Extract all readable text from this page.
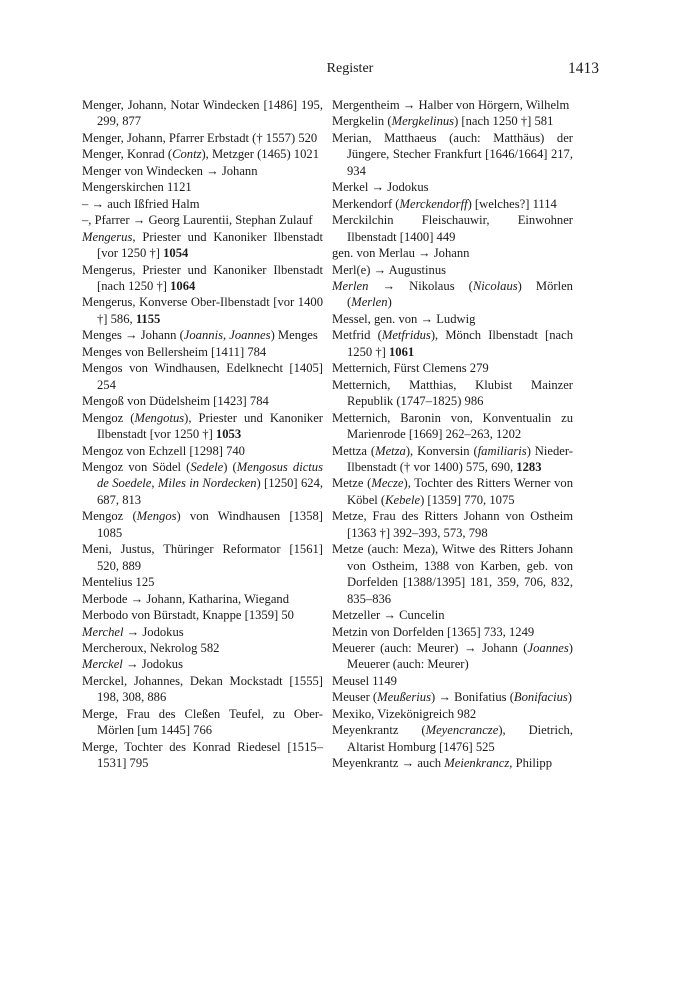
Register	1413

Menger, Johann, Notar Windecken [1486] 195, 299, 877

Menger, Johann, Pfarrer Erbstadt († 1557) 520

Menger, Konrad (Contz), Metzger (1465) 1021

Menger von Windecken → Johann

Mengerskirchen 1121

– → auch Ißfried Halm

–, Pfarrer → Georg Laurentii, Stephan Zulauf

Mengerus, Priester und Kanoniker Ilbenstadt [vor 1250 †] 1054

Mengerus, Priester und Kanoniker Ilbenstadt [nach 1250 †] 1064

Mengerus, Konverse Ober-Ilbenstadt [vor 1400 †] 586, 1155

Menges → Johann (Joannis, Joannes) Menges

Menges von Bellersheim [1411] 784

Mengos von Windhausen, Edelknecht [1405] 254

Mengoß von Düdelsheim [1423] 784

Mengoz (Mengotus), Priester und Kanoniker Ilbenstadt [vor 1250 †] 1053

Mengoz von Echzell [1298] 740

Mengoz von Södel (Sedele) (Mengosus dictus de Soedele, Miles in Nordecken) [1250] 624, 687, 813

Mengoz (Mengos) von Windhausen [1358] 1085

Meni, Justus, Thüringer Reformator [1561] 520, 889

Mentelius 125

Merbode → Johann, Katharina, Wiegand

Merbodo von Bürstadt, Knappe [1359] 50

Merchel → Jodokus

Mercheroux, Nekrolog 582

Merckel → Jodokus

Merckel, Johannes, Dekan Mockstadt [1555] 198, 308, 886

Merge, Frau des Cleßen Teufel, zu Ober-Mörlen [um 1445] 766

Merge, Tochter des Konrad Riedesel [1515–1531] 795

Mergentheim → Halber von Hörgern, Wilhelm

Mergkelin (Mergkelinus) [nach 1250 †] 581

Merian, Matthaeus (auch: Matthäus) der Jüngere, Stecher Frankfurt [1646/1664] 217, 934

Merkel → Jodokus

Merkendorf (Merckendorff) [welches?] 1114

Merckilchin Fleischauwir, Einwohner Ilbenstadt [1400] 449

gen. von Merlau → Johann

Merl(e) → Augustinus

Merlen → Nikolaus (Nicolaus) Mörlen (Merlen)

Messel, gen. von → Ludwig

Metfrid (Metfridus), Mönch Ilbenstadt [nach 1250 †] 1061

Metternich, Fürst Clemens 279

Metternich, Matthias, Klubist Mainzer Republik (1747–1825) 986

Metternich, Baronin von, Konventualin zu Marienrode [1669] 262–263, 1202

Mettza (Metza), Konversin (familiaris) Nieder-Ilbenstadt († vor 1400) 575, 690, 1283

Metze (Mecze), Tochter des Ritters Werner von Köbel (Kebele) [1359] 770, 1075

Metze, Frau des Ritters Johann von Ostheim [1363 †] 392–393, 573, 798

Metze (auch: Meza), Witwe des Ritters Johann von Ostheim, 1388 von Karben, geb. von Dorfelden [1388/1395] 181, 359, 706, 832, 835–836

Metzeller → Cuncelin

Metzin von Dorfelden [1365] 733, 1249

Meuerer (auch: Meurer) → Johann (Joannes) Meuerer (auch: Meurer)

Meusel 1149

Meuser (Meußerius) → Bonifatius (Bonifacius)

Mexiko, Vizekönigreich 982

Meyenkrantz (Meyencrancze), Dietrich, Altarist Homburg [1476] 525

Meyenkrantz → auch Meienkrancz, Philipp
